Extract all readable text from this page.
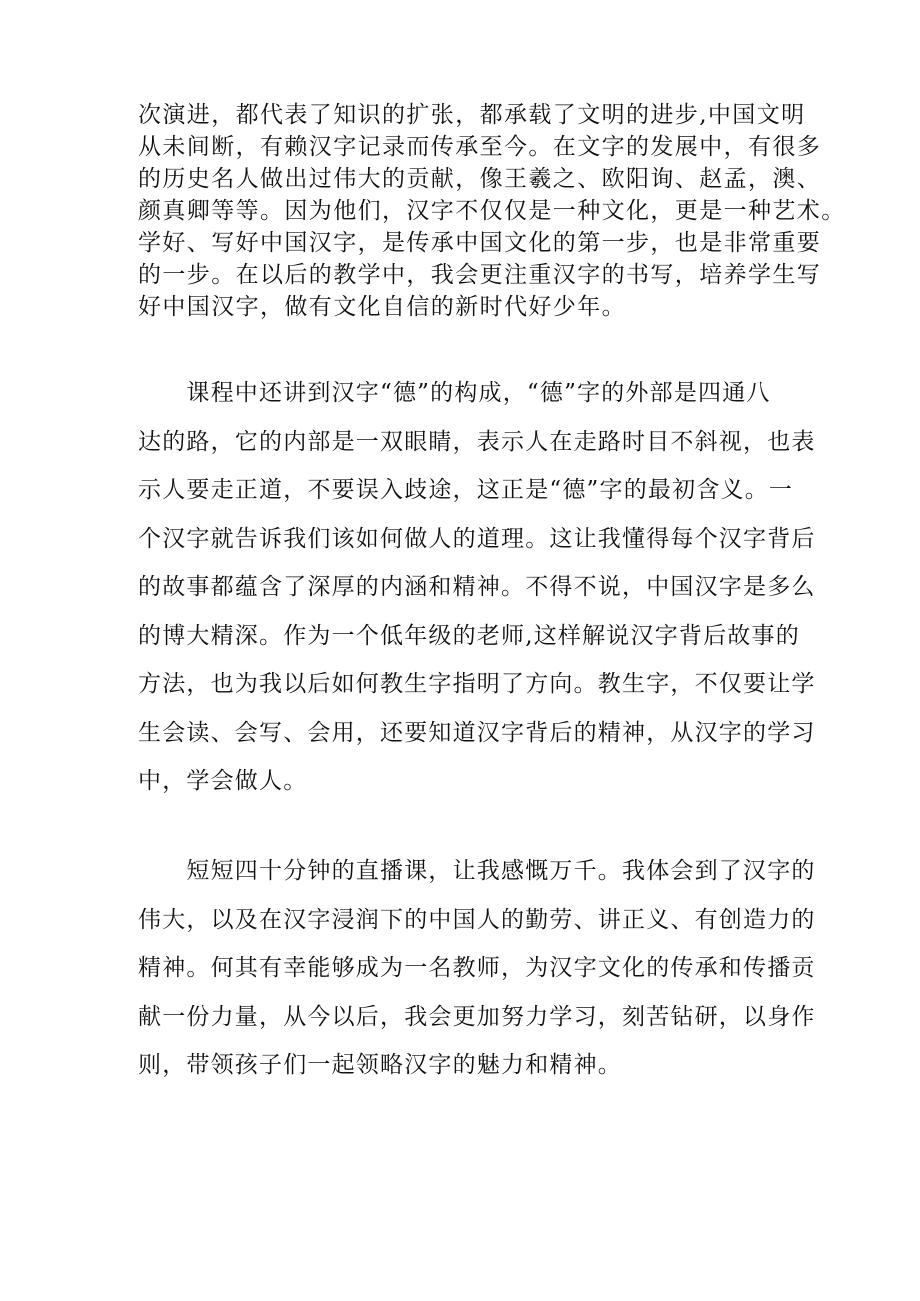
次演进，都代表了知识的扩张，都承载了文明的进步,中国文明
从未间断，有赖汉字记录而传承至今。在文字的发展中，有很多
的历史名人做出过伟大的贡献，像王羲之、欧阳询、赵孟，澳、
颜真卿等等。因为他们，汉字不仅仅是一种文化，更是一种艺术。
学好、写好中国汉字，是传承中国文化的第一步，也是非常重要
的一步。在以后的教学中，我会更注重汉字的书写，培养学生写
好中国汉字，做有文化自信的新时代好少年。
　　课程中还讲到汉字“德”的构成，“德”字的外部是四通八
达的路，它的内部是一双眼睛，表示人在走路时目不斜视，也表
示人要走正道，不要误入歧途，这正是“德”字的最初含义。一
个汉字就告诉我们该如何做人的道理。这让我懂得每个汉字背后
的故事都蕴含了深厚的内涵和精神。不得不说，中国汉字是多么
的博大精深。作为一个低年级的老师,这样解说汉字背后故事的
方法，也为我以后如何教生字指明了方向。教生字，不仅要让学
生会读、会写、会用，还要知道汉字背后的精神，从汉字的学习
中，学会做人。
　　短短四十分钟的直播课，让我感慨万千。我体会到了汉字的
伟大，以及在汉字浸润下的中国人的勤劳、讲正义、有创造力的
精神。何其有幸能够成为一名教师，为汉字文化的传承和传播贡
献一份力量，从今以后，我会更加努力学习，刻苦钻研，以身作
则，带领孩子们一起领略汉字的魅力和精神。
